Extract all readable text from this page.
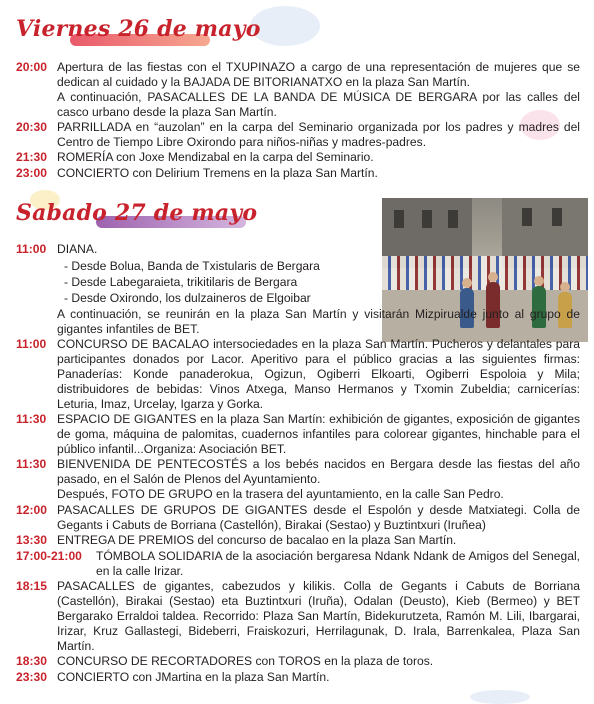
Viernes 26 de mayo
20:00 Apertura de las fiestas con el TXUPINAZO a cargo de una representación de mujeres que se dedican al cuidado y la BAJADA DE BITORIANATXO en la plaza San Martín.
A continuación, PASACALLES DE LA BANDA DE MÚSICA DE BERGARA por las calles del casco urbano desde la plaza San Martín.
20:30 PARRILLADA en “auzolan” en la carpa del Seminario organizada por los padres y madres del Centro de Tiempo Libre Oxirondo para niños-niñas y madres-padres.
21:30 ROMERÍA con Joxe Mendizabal en la carpa del Seminario.
23:00 CONCIERTO con Delirium Tremens en la plaza San Martín.
Sabado 27 de mayo
11:00 DIANA.
- Desde Bolua, Banda de Txistularis de Bergara
- Desde Labegaraieta, trikitilaris de Bergara
- Desde Oxirondo, los dulzaineros de Elgoibar
A continuación, se reunirán en la plaza San Martín y visitarán Mizpirualde junto al grupo de gigantes infantiles de BET.
11:00 CONCURSO DE BACALAO intersociedades en la plaza San Martín. Pucheros y delantales para participantes donados por Lacor. Aperitivo para el público gracias a las siguientes firmas: Panaderías: Konde panaderokua, Ogizun, Ogiberri Elkoarti, Ogiberri Espoloia y Mila; distribuidores de bebidas: Vinos Atxega, Manso Hermanos y Txomin Zubeldia; carnicerías: Leturia, Imaz, Urcelay, Igarza y Gorka.
11:30 ESPACIO DE GIGANTES en la plaza San Martín: exhibición de gigantes, exposición de gigantes de goma, máquina de palomitas, cuadernos infantiles para colorear gigantes, hinchable para el público infantil...Organiza: Asociación BET.
11:30 BIENVENIDA DE PENTECOSTÉS a los bebés nacidos en Bergara desde las fiestas del año pasado, en el Salón de Plenos del Ayuntamiento.
Después, FOTO DE GRUPO en la trasera del ayuntamiento, en la calle San Pedro.
12:00 PASACALLES DE GRUPOS DE GIGANTES desde el Espolón y desde Matxiategi. Colla de Gegants i Cabuts de Borriana (Castellón), Birakai (Sestao) y Buztintxuri (Iruñea)
13:30 ENTREGA DE PREMIOS del concurso de bacalao en la plaza San Martín.
17:00-21:00 TÓMBOLA SOLIDARIA de la asociación bergaresa Ndank Ndank de Amigos del Senegal, en la calle Irizar.
18:15 PASACALLES de gigantes, cabezudos y kilikis. Colla de Gegants i Cabuts de Borriana (Castellón), Birakai (Sestao) eta Buztintxuri (Iruña), Odalan (Deusto), Kieb (Bermeo) y BET Bergarako Erraldoi taldea. Recorrido: Plaza San Martín, Bidekurutzeta, Ramón M. Lili, Ibargarai, Irizar, Kruz Gallastegi, Bideberri, Fraiskozuri, Herrilagunak, D. Irala, Barrenkalea, Plaza San Martín.
18:30 CONCURSO DE RECORTADORES con TOROS en la plaza de toros.
23:30 CONCIERTO con JMartina en la plaza San Martín.
